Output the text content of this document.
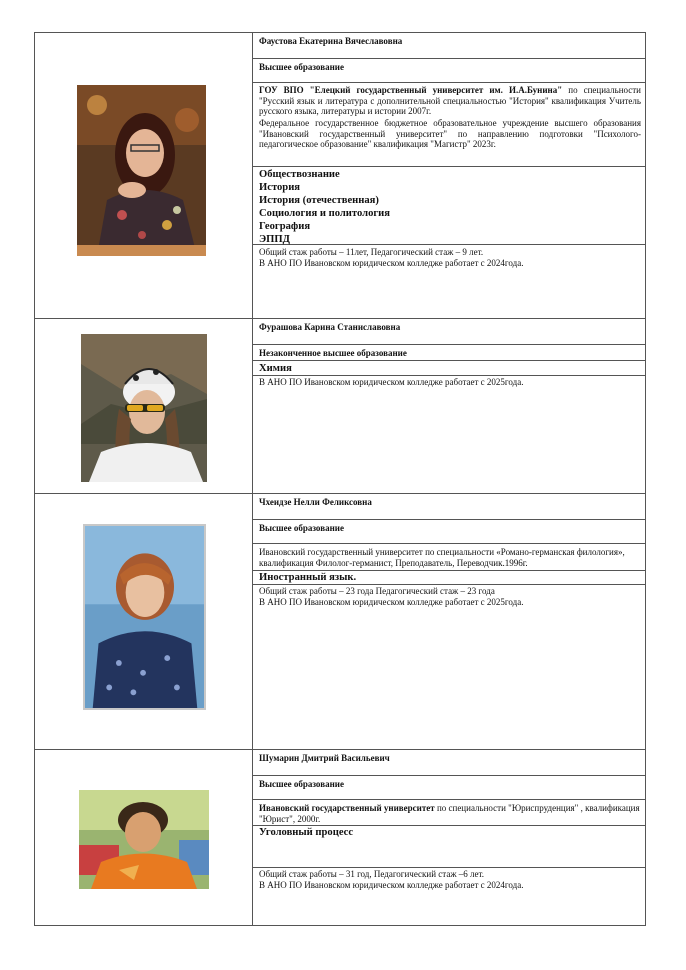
Фаустова Екатерина Вячеславовна
Высшее образование
ГОУ ВПО "Елецкий государственный университет им. И.А.Бунина" по специальности "Русский язык и литература с дополнительной специальностью "История" квалификация Учитель русского языка, литературы и истории 2007г.
Федеральное государственное бюджетное образовательное учреждение высшего образования "Ивановский государственный университет" по направлению подготовки "Психолого-педагогическое образование" квалификация "Магистр" 2023г.
Обществознание
История
История (отечественная)
Социология и политология
География
ЭППД
Общий стаж работы – 11лет, Педагогический стаж – 9 лет.
В АНО ПО Ивановском юридическом колледже работает с 2024года.
Фурашова Карина Станиславовна
Незаконченное высшее образование
Химия
В АНО ПО Ивановском юридическом колледже работает с 2025года.
Чхеидзе Нелли Феликсовна
Высшее образование
Ивановский государственный университет по специальности «Романо-германская филология», квалификация Филолог-германист, Преподаватель, Переводчик.1996г.
Иностранный язык.
Общий стаж работы – 23 года Педагогический стаж – 23 года
В АНО ПО Ивановском юридическом колледже работает с 2025года.
Шумарин Дмитрий Васильевич
Высшее образование
Ивановский государственный университет по специальности "Юриспруденция" , квалификация "Юрист", 2000г.
Уголовный процесс
Общий стаж работы – 31 год, Педагогический стаж –6 лет.
В АНО ПО Ивановском юридическом колледже работает с 2024года.
